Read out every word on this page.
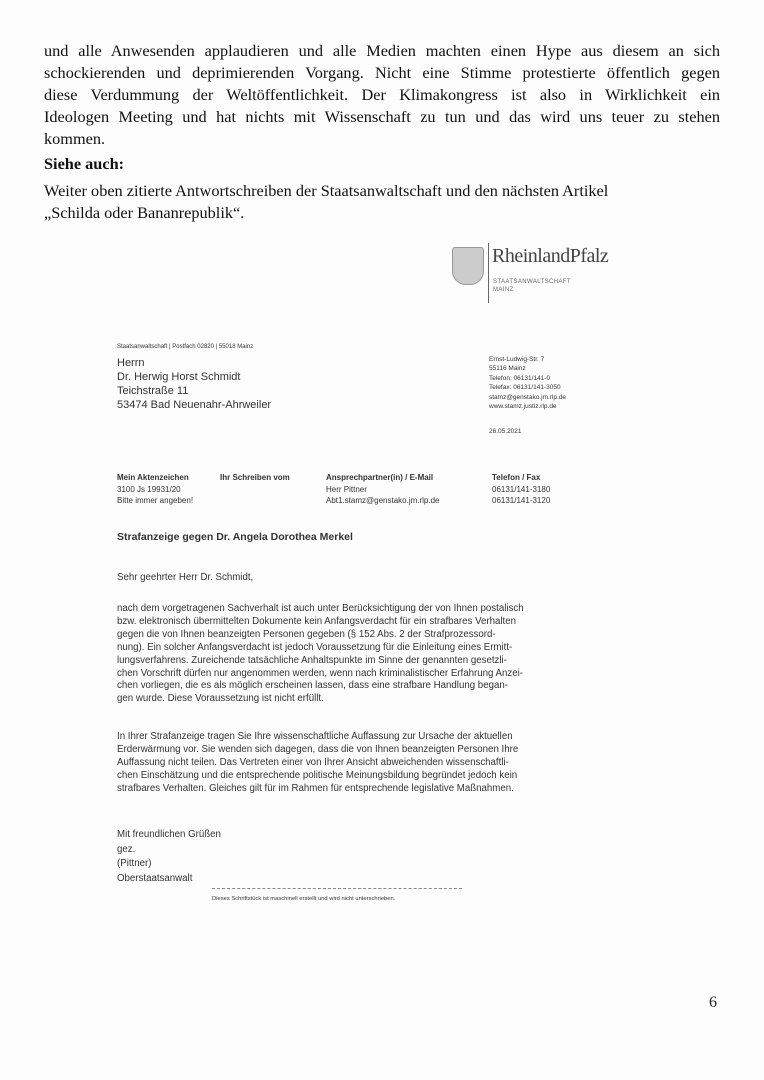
und alle Anwesenden applaudieren und alle Medien machten einen Hype aus diesem an sich
schockierenden und deprimierenden Vorgang. Nicht eine Stimme protestierte öffentlich gegen
diese Verdummung der Weltöffentlichkeit. Der Klimakongress ist also in Wirklichkeit ein
Ideologen Meeting und hat nichts mit Wissenschaft zu tun und das wird uns teuer zu stehen
kommen.

Siehe auch:

Weiter oben zitierte Antwortschreiben der Staatsanwaltschaft und den nächsten Artikel
„Schilda oder Bananrepublik“.

RheinlandPfalz
STAATSANWALTSCHAFT
MAINZ
Staatsanwaltschaft | Postfach 02820 | 55018 Mainz
Herrn
Dr. Herwig Horst Schmidt
Teichstraße 11
53474 Bad Neuenahr-Ahrweiler
Ernst-Ludwig-Str. 7
55116 Mainz
Telefon: 06131/141-0
Telefax: 06131/141-3050
stamz@genstako.jm.rlp.de
www.stamz.justiz.rlp.de
26.05.2021
Mein Aktenzeichen
3100 Js 19931/20
Bitte immer angeben!
Ihr Schreiben vom	Ansprechpartner(in) / E-Mail
Herr Pittner
Abt1.stamz@genstako.jm.rlp.de
Telefon / Fax
06131/141-3180
06131/141-3120
Strafanzeige gegen Dr. Angela Dorothea Merkel
Sehr geehrter Herr Dr. Schmidt,
nach dem vorgetragenen Sachverhalt ist auch unter Berücksichtigung der von Ihnen postalisch
bzw. elektronisch übermittelten Dokumente kein Anfangsverdacht für ein strafbares Verhalten
gegen die von Ihnen beanzeigten Personen gegeben (§ 152 Abs. 2 der Strafprozessord-
nung). Ein solcher Anfangsverdacht ist jedoch Voraussetzung für die Einleitung eines Ermitt-
lungsverfahrens. Zureichende tatsächliche Anhaltspunkte im Sinne der genannten gesetzli-
chen Vorschrift dürfen nur angenommen werden, wenn nach kriminalistischer Erfahrung Anzei-
chen vorliegen, die es als möglich erscheinen lassen, dass eine strafbare Handlung began-
gen wurde. Diese Voraussetzung ist nicht erfüllt.
In Ihrer Strafanzeige tragen Sie Ihre wissenschaftliche Auffassung zur Ursache der aktuellen
Erderwärmung vor. Sie wenden sich dagegen, dass die von Ihnen beanzeigten Personen Ihre
Auffassung nicht teilen. Das Vertreten einer von Ihrer Ansicht abweichenden wissenschaftli-
chen Einschätzung und die entsprechende politische Meinungsbildung begründet jedoch kein
strafbares Verhalten. Gleiches gilt für im Rahmen für entsprechende legislative Maßnahmen.
Mit freundlichen Grüßen
gez.
(Pittner)
Oberstaatsanwalt
Dieses Schriftstück ist maschinell erstellt und wird nicht unterschrieben.
6
